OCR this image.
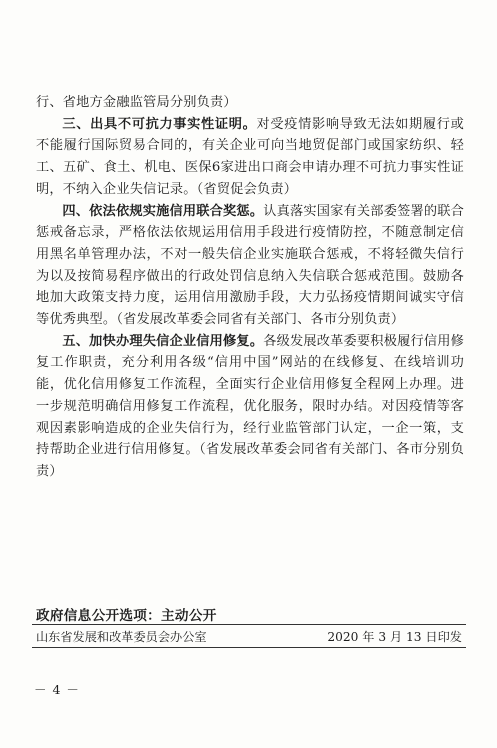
行、省地方金融监管局分别负责）

三、出具不可抗力事实性证明。对受疫情影响导致无法如期履行或不能履行国际贸易合同的，有关企业可向当地贸促部门或国家纺织、轻工、五矿、食土、机电、医保6家进出口商会申请办理不可抗力事实性证明，不纳入企业失信记录。（省贸促会负责）

四、依法依规实施信用联合奖惩。认真落实国家有关部委签署的联合惩戒备忘录，严格依法依规运用信用手段进行疫情防控，不随意制定信用黑名单管理办法，不对一般失信企业实施联合惩戒，不将轻微失信行为以及按简易程序做出的行政处罚信息纳入失信联合惩戒范围。鼓励各地加大政策支持力度，运用信用激励手段，大力弘扬疫情期间诚实守信等优秀典型。（省发展改革委会同省有关部门、各市分别负责）

五、加快办理失信企业信用修复。各级发展改革委要积极履行信用修复工作职责，充分利用各级“信用中国”网站的在线修复、在线培训功能，优化信用修复工作流程，全面实行企业信用修复全程网上办理。进一步规范明确信用修复工作流程，优化服务，限时办结。对因疫情等客观因素影响造成的企业失信行为，经行业监管部门认定，一企一策，支持帮助企业进行信用修复。（省发展改革委会同省有关部门、各市分别负责）

政府信息公开选项：主动公开
山东省发展和改革委员会办公室	2020 年 3 月 13 日印发
－ 4 －
